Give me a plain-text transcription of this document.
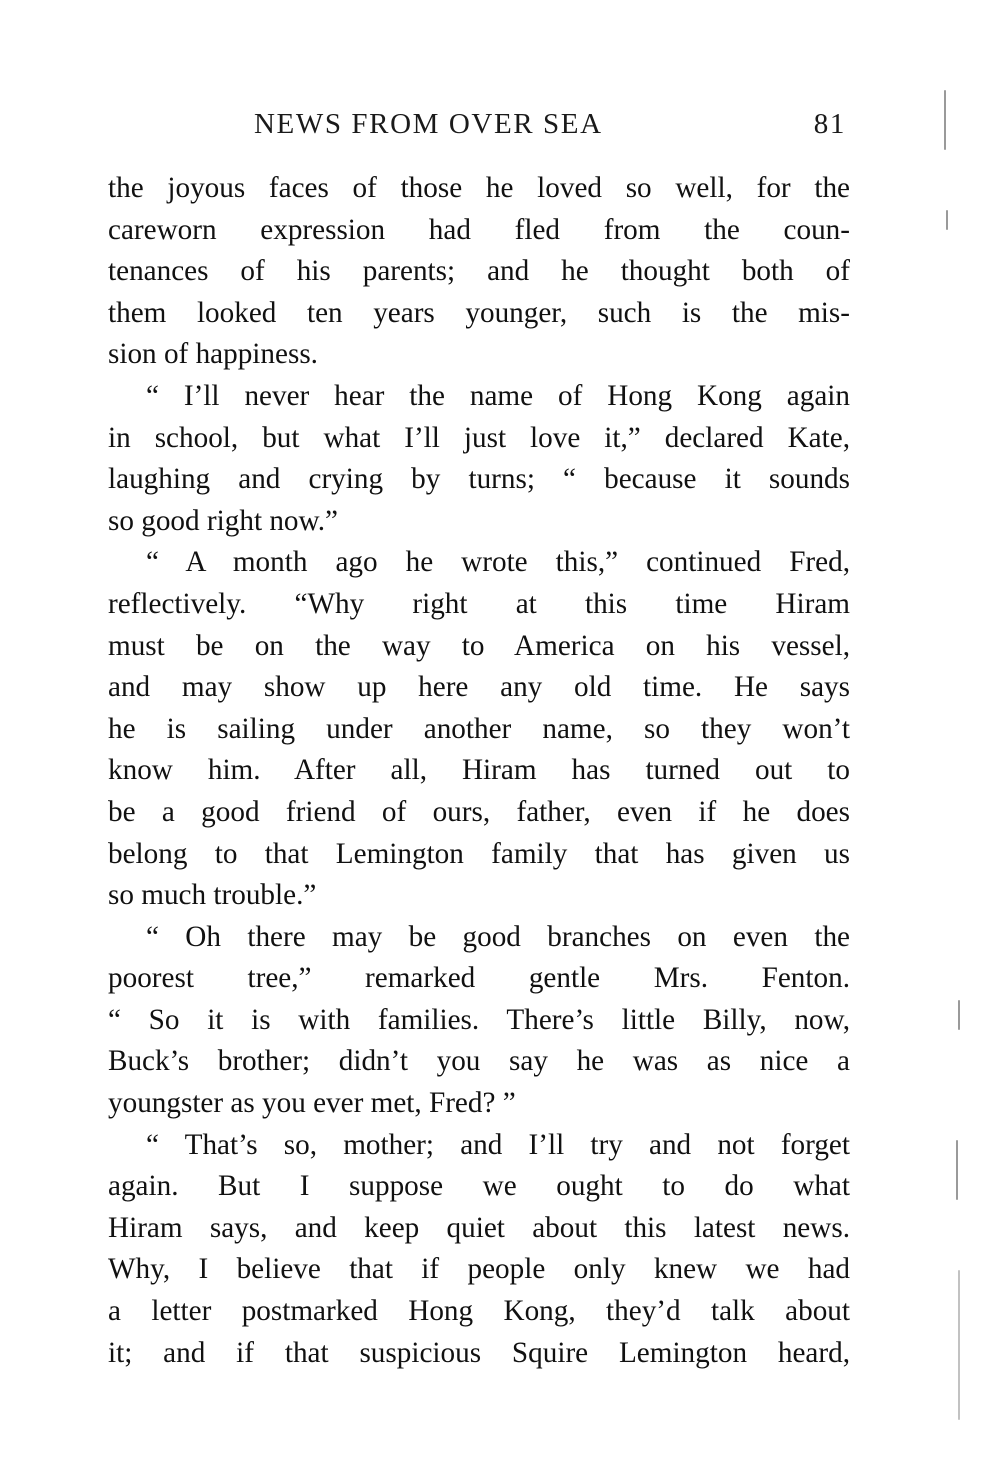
NEWS FROM OVER SEA	81
the joyous faces of those he loved so well, for the
careworn expression had fled from the coun-
tenances of his parents; and he thought both of
them looked ten years younger, such is the mis-
sion of happiness.
“ I’ll never hear the name of Hong Kong again
in school, but what I’ll just love it,” declared Kate,
laughing and crying by turns; “ because it sounds
so good right now.”
“ A month ago he wrote this,” continued Fred,
reflectively. “Why right at this time Hiram
must be on the way to America on his vessel,
and may show up here any old time. He says
he is sailing under another name, so they won’t
know him. After all, Hiram has turned out to
be a good friend of ours, father, even if he does
belong to that Lemington family that has given us
so much trouble.”
“ Oh there may be good branches on even the
poorest tree,” remarked gentle Mrs. Fenton.
“ So it is with families. There’s little Billy, now,
Buck’s brother; didn’t you say he was as nice a
youngster as you ever met, Fred? ”
“ That’s so, mother; and I’ll try and not forget
again. But I suppose we ought to do what
Hiram says, and keep quiet about this latest news.
Why, I believe that if people only knew we had
a letter postmarked Hong Kong, they’d talk about
it; and if that suspicious Squire Lemington heard,
